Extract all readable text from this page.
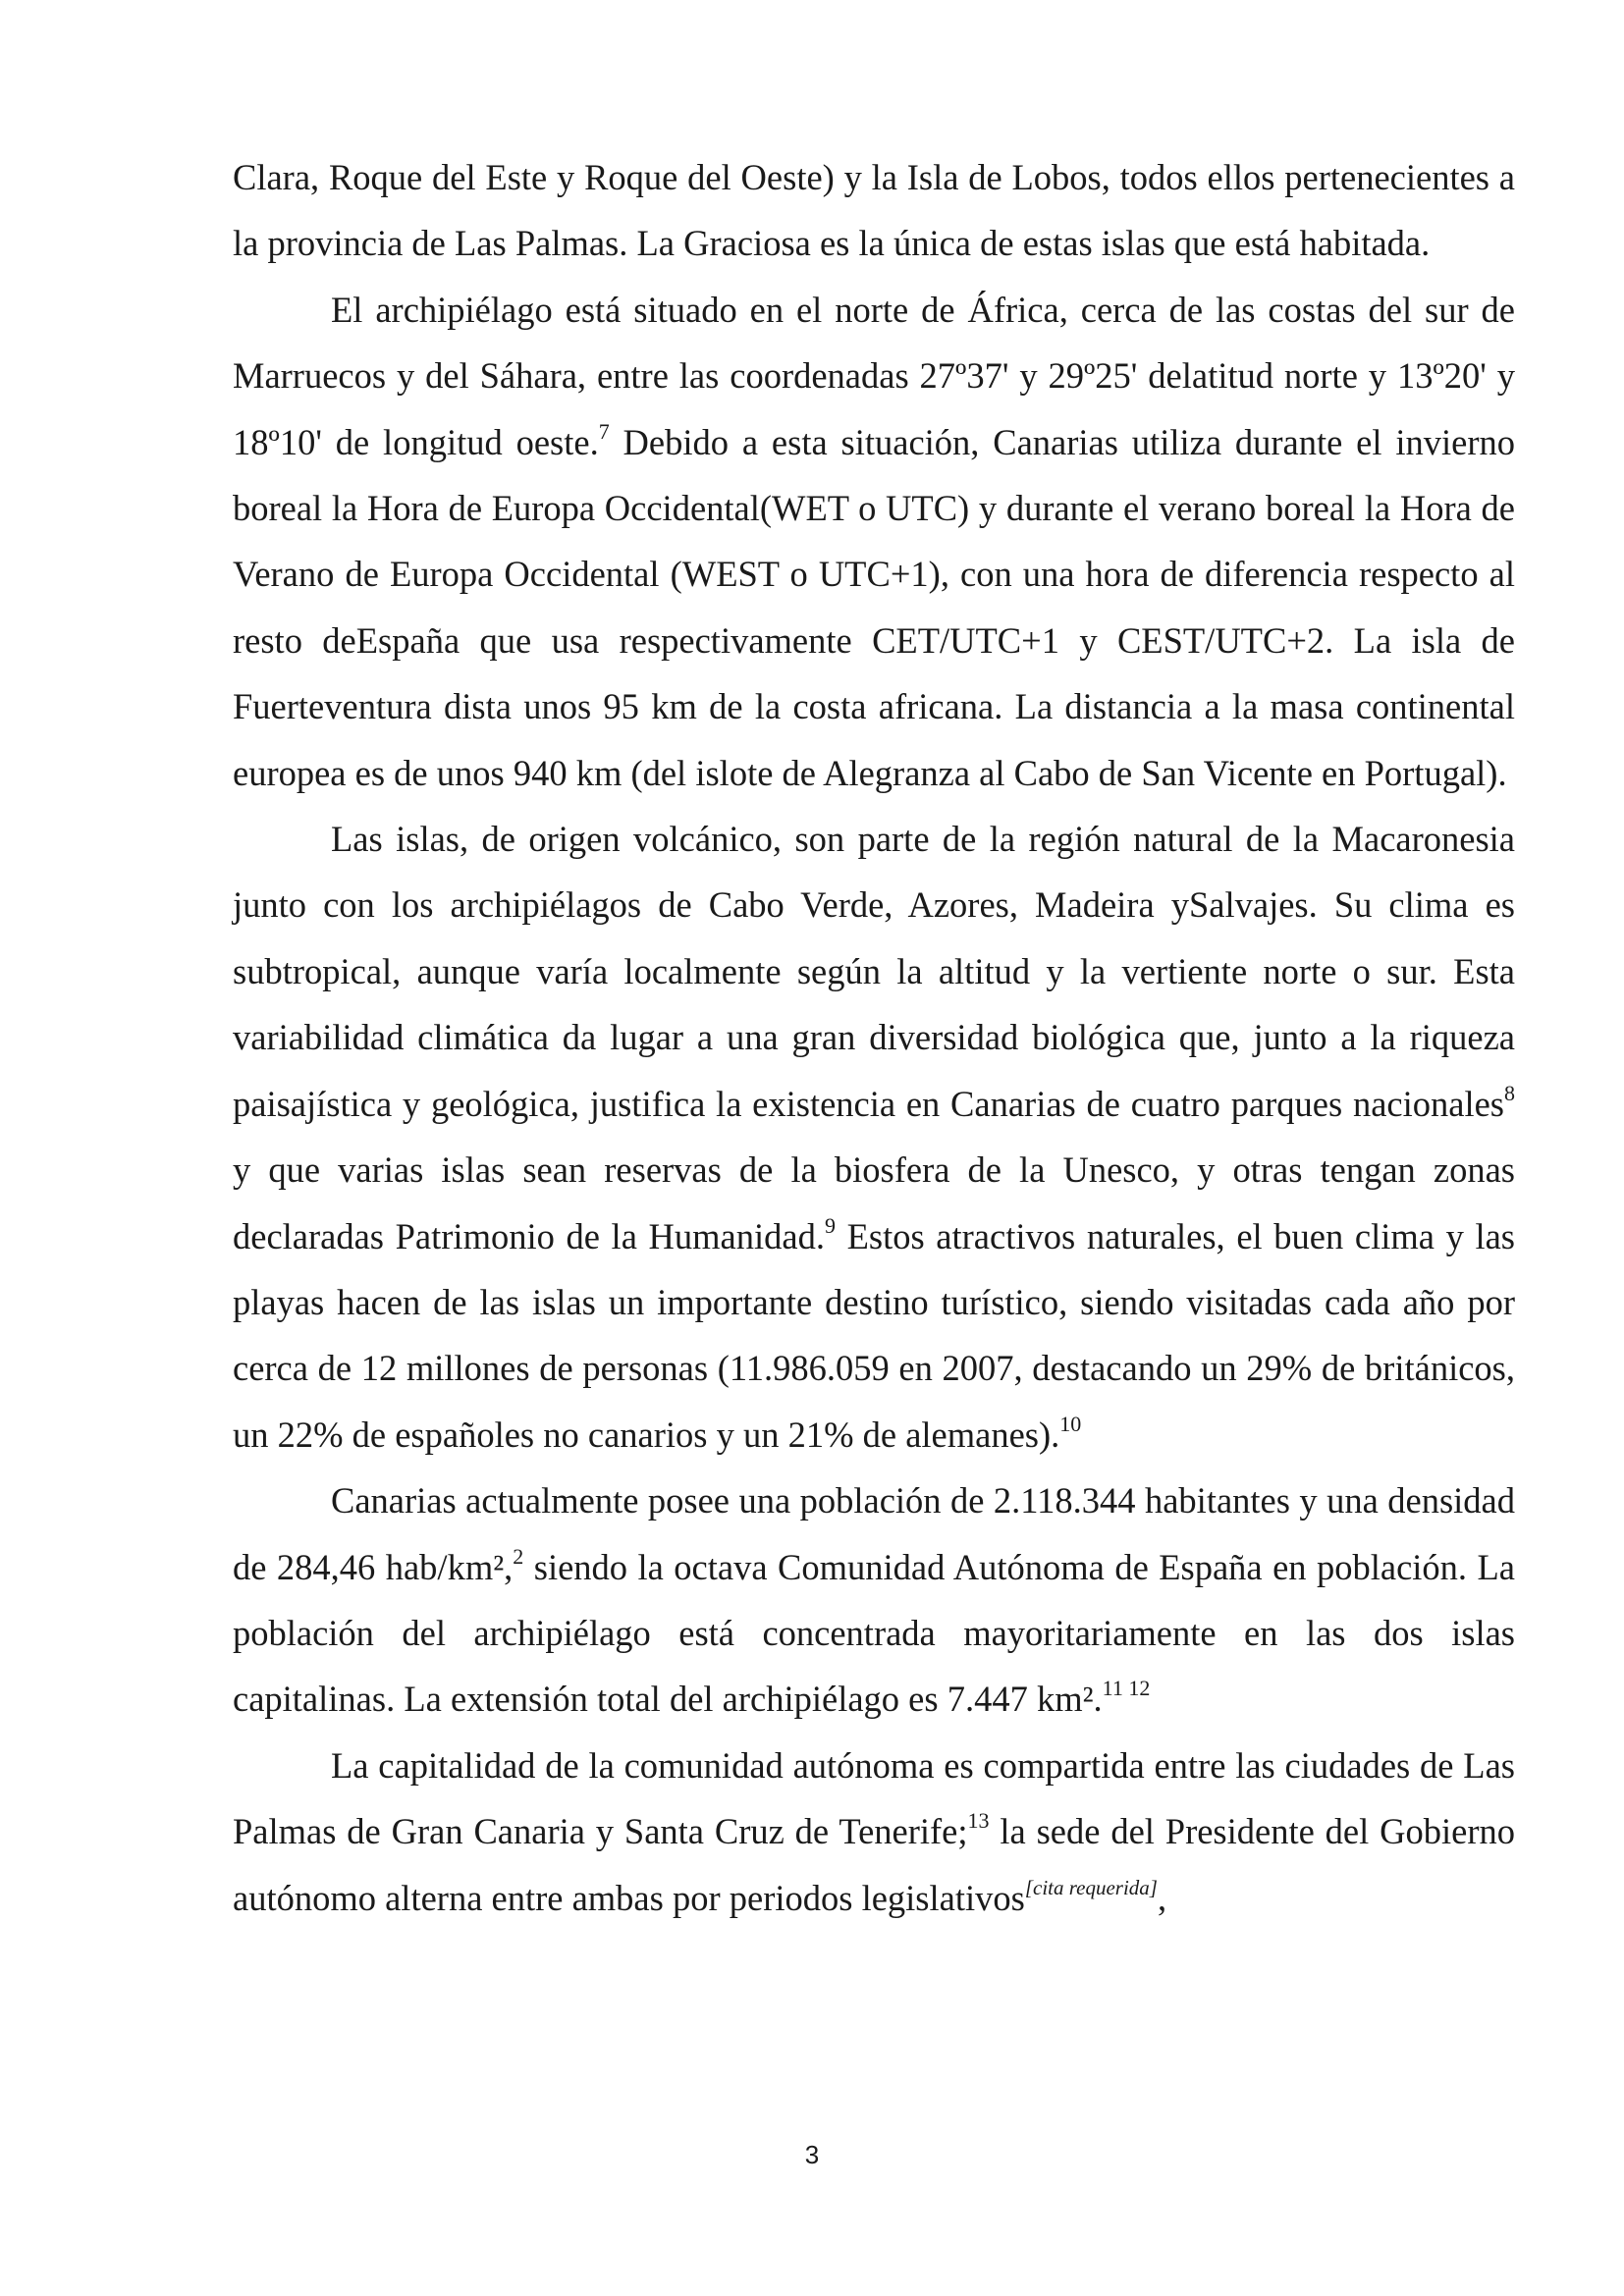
Clara, Roque del Este y Roque del Oeste) y la Isla de Lobos, todos ellos pertenecientes a la provincia de Las Palmas. La Graciosa es la única de estas islas que está habitada.

El archipiélago está situado en el norte de África, cerca de las costas del sur de Marruecos y del Sáhara, entre las coordenadas 27º37' y 29º25' delatitud norte y 13º20' y 18º10' de longitud oeste.$^7$ Debido a esta situación, Canarias utiliza durante el invierno boreal la Hora de Europa Occidental(WET o UTC) y durante el verano boreal la Hora de Verano de Europa Occidental (WEST o UTC+1), con una hora de diferencia respecto al resto deEspaña que usa respectivamente CET/UTC+1 y CEST/UTC+2. La isla de Fuerteventura dista unos 95 km de la costa africana. La distancia a la masa continental europea es de unos 940 km (del islote de Alegranza al Cabo de San Vicente en Portugal).

Las islas, de origen volcánico, son parte de la región natural de la Macaronesia junto con los archipiélagos de Cabo Verde, Azores, Madeira ySalvajes. Su clima es subtropical, aunque varía localmente según la altitud y la vertiente norte o sur. Esta variabilidad climática da lugar a una gran diversidad biológica que, junto a la riqueza paisajística y geológica, justifica la existencia en Canarias de cuatro parques nacionales$^8$ y que varias islas sean reservas de la biosfera de la Unesco, y otras tengan zonas declaradas Patrimonio de la Humanidad.$^9$ Estos atractivos naturales, el buen clima y las playas hacen de las islas un importante destino turístico, siendo visitadas cada año por cerca de 12 millones de personas (11.986.059 en 2007, destacando un 29% de británicos, un 22% de españoles no canarios y un 21% de alemanes).$^{10}$

Canarias actualmente posee una población de 2.118.344 habitantes y una densidad de 284,46 hab/km²,$^2$ siendo la octava Comunidad Autónoma de España en población. La población del archipiélago está concentrada mayoritariamente en las dos islas capitalinas. La extensión total del archipiélago es 7.447 km².$^{11 12}$

La capitalidad de la comunidad autónoma es compartida entre las ciudades de Las Palmas de Gran Canaria y Santa Cruz de Tenerife;$^{13}$ la sede del Presidente del Gobierno autónomo alterna entre ambas por periodos legislativos[cita requerida],

3
